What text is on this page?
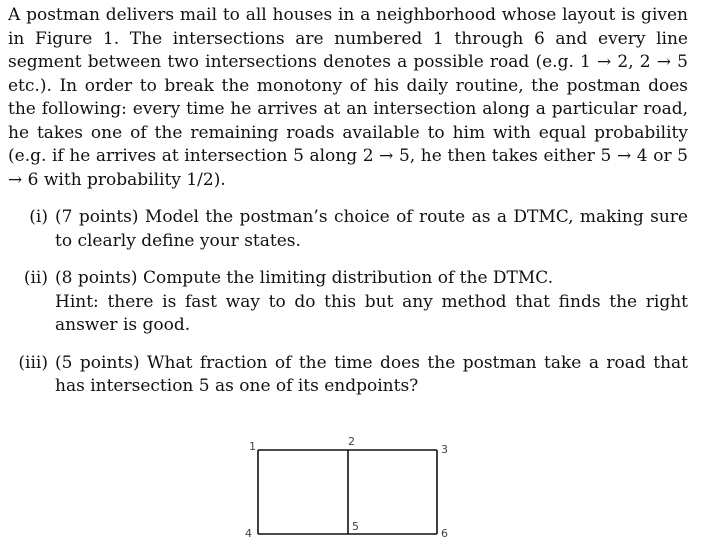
A postman delivers mail to all houses in a neighborhood whose layout is given in Figure 1. The intersections are numbered 1 through 6 and every line segment between two intersections denotes a possible road (e.g. 1 → 2, 2 → 5 etc.). In order to break the monotony of his daily routine, the postman does the following: every time he arrives at an intersection along a particular road, he takes one of the remaining roads available to him with equal probability (e.g. if he arrives at intersection 5 along 2 → 5, he then takes either 5 → 4 or 5 → 6 with probability 1/2).

(i) (7 points) Model the postman’s choice of route as a DTMC, making sure to clearly define your states.
(ii) (8 points) Compute the limiting distribution of the DTMC.
Hint: there is fast way to do this but any method that finds the right answer is good.
(iii) (5 points) What fraction of the time does the postman take a road that has intersection 5 as one of its endpoints?
1	2
3
4
5
6
